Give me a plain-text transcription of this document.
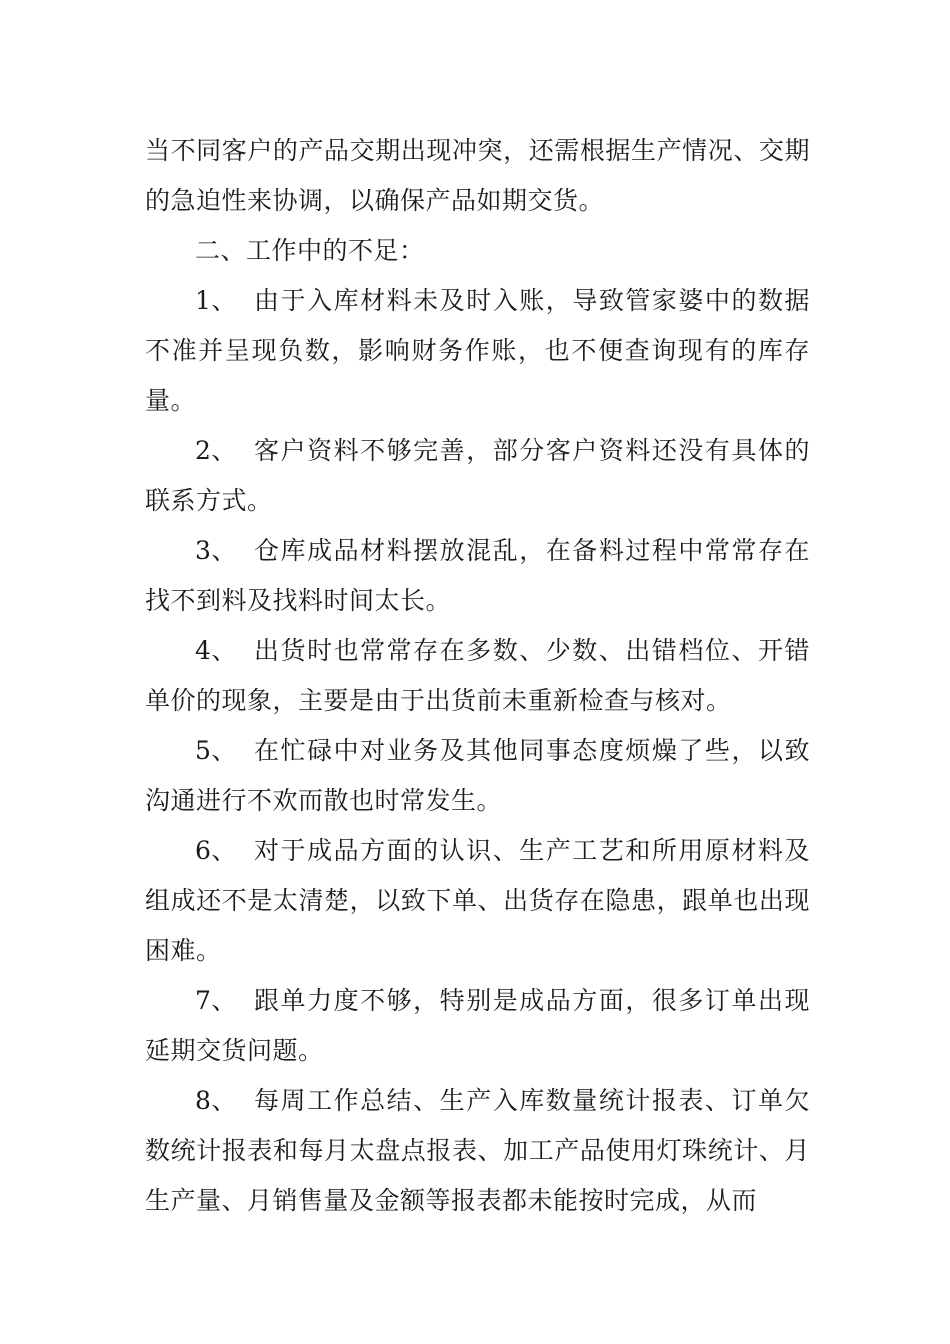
当不同客户的产品交期出现冲突，还需根据生产情况、交期的急迫性来协调，以确保产品如期交货。

二、工作中的不足：

1、 由于入库材料未及时入账，导致管家婆中的数据不准并呈现负数，影响财务作账，也不便查询现有的库存量。

2、 客户资料不够完善，部分客户资料还没有具体的联系方式。

3、 仓库成品材料摆放混乱，在备料过程中常常存在找不到料及找料时间太长。

4、 出货时也常常存在多数、少数、出错档位、开错单价的现象，主要是由于出货前未重新检查与核对。

5、 在忙碌中对业务及其他同事态度烦燥了些，以致沟通进行不欢而散也时常发生。

6、 对于成品方面的认识、生产工艺和所用原材料及组成还不是太清楚，以致下单、出货存在隐患，跟单也出现困难。

7、 跟单力度不够，特别是成品方面，很多订单出现延期交货问题。

8、 每周工作总结、生产入库数量统计报表、订单欠数统计报表和每月太盘点报表、加工产品使用灯珠统计、月生产量、月销售量及金额等报表都未能按时完成，从而
